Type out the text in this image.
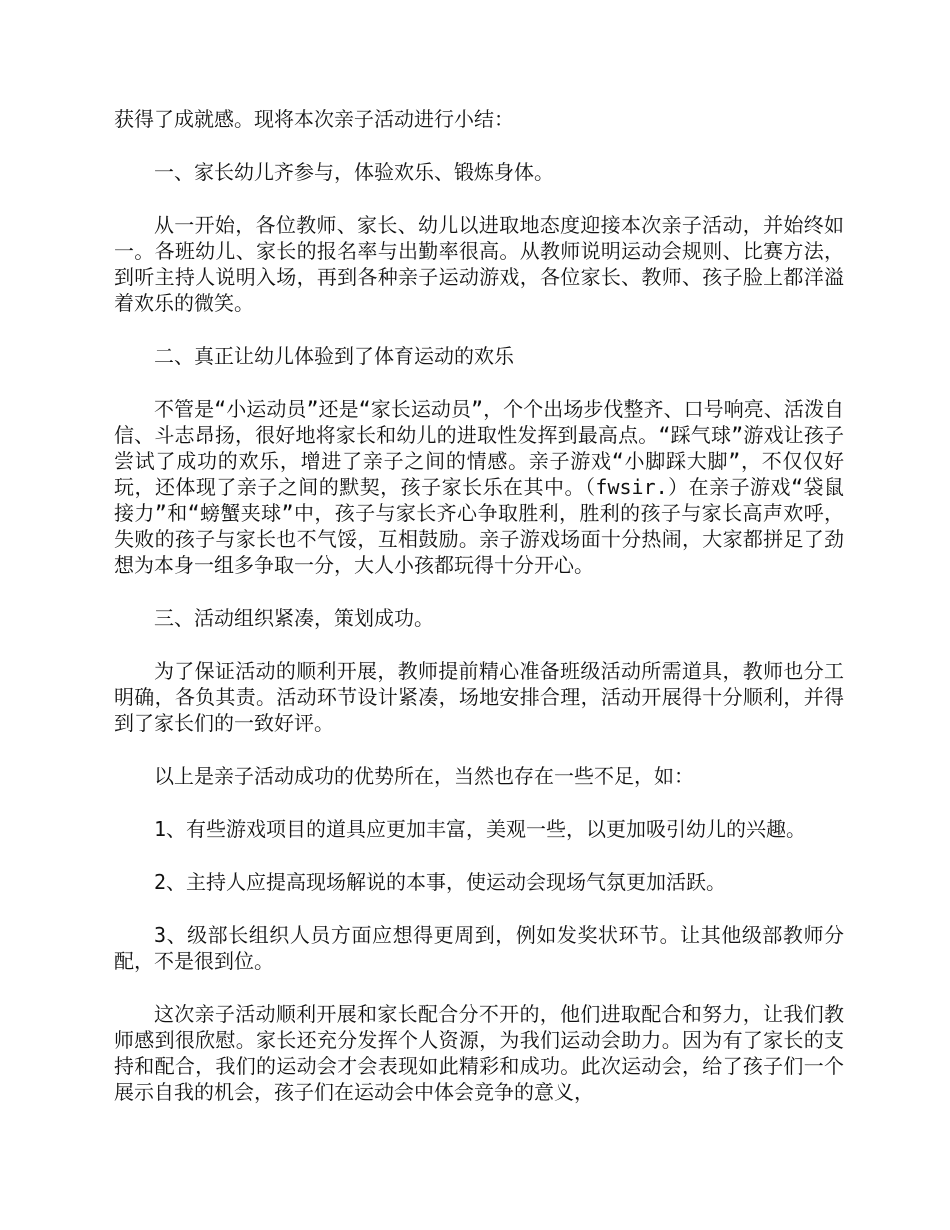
获得了成就感。现将本次亲子活动进行小结：

一、家长幼儿齐参与，体验欢乐、锻炼身体。

从一开始，各位教师、家长、幼儿以进取地态度迎接本次亲子活动，并始终如一。各班幼儿、家长的报名率与出勤率很高。从教师说明运动会规则、比赛方法，到听主持人说明入场，再到各种亲子运动游戏，各位家长、教师、孩子脸上都洋溢着欢乐的微笑。

二、真正让幼儿体验到了体育运动的欢乐

不管是“小运动员”还是“家长运动员”，个个出场步伐整齐、口号响亮、活泼自信、斗志昂扬，很好地将家长和幼儿的进取性发挥到最高点。“踩气球”游戏让孩子尝试了成功的欢乐，增进了亲子之间的情感。亲子游戏“小脚踩大脚”，不仅仅好玩，还体现了亲子之间的默契，孩子家长乐在其中。（fwsir.）在亲子游戏“袋鼠接力”和“螃蟹夹球”中，孩子与家长齐心争取胜利，胜利的孩子与家长高声欢呼，失败的孩子与家长也不气馁，互相鼓励。亲子游戏场面十分热闹，大家都拼足了劲想为本身一组多争取一分，大人小孩都玩得十分开心。

三、活动组织紧凑，策划成功。

为了保证活动的顺利开展，教师提前精心准备班级活动所需道具，教师也分工明确，各负其责。活动环节设计紧凑，场地安排合理，活动开展得十分顺利，并得到了家长们的一致好评。

以上是亲子活动成功的优势所在，当然也存在一些不足，如：

1、有些游戏项目的道具应更加丰富，美观一些，以更加吸引幼儿的兴趣。

2、主持人应提高现场解说的本事，使运动会现场气氛更加活跃。

3、级部长组织人员方面应想得更周到，例如发奖状环节。让其他级部教师分配，不是很到位。

这次亲子活动顺利开展和家长配合分不开的，他们进取配合和努力，让我们教师感到很欣慰。家长还充分发挥个人资源，为我们运动会助力。因为有了家长的支持和配合，我们的运动会才会表现如此精彩和成功。此次运动会，给了孩子们一个展示自我的机会，孩子们在运动会中体会竞争的意义，
